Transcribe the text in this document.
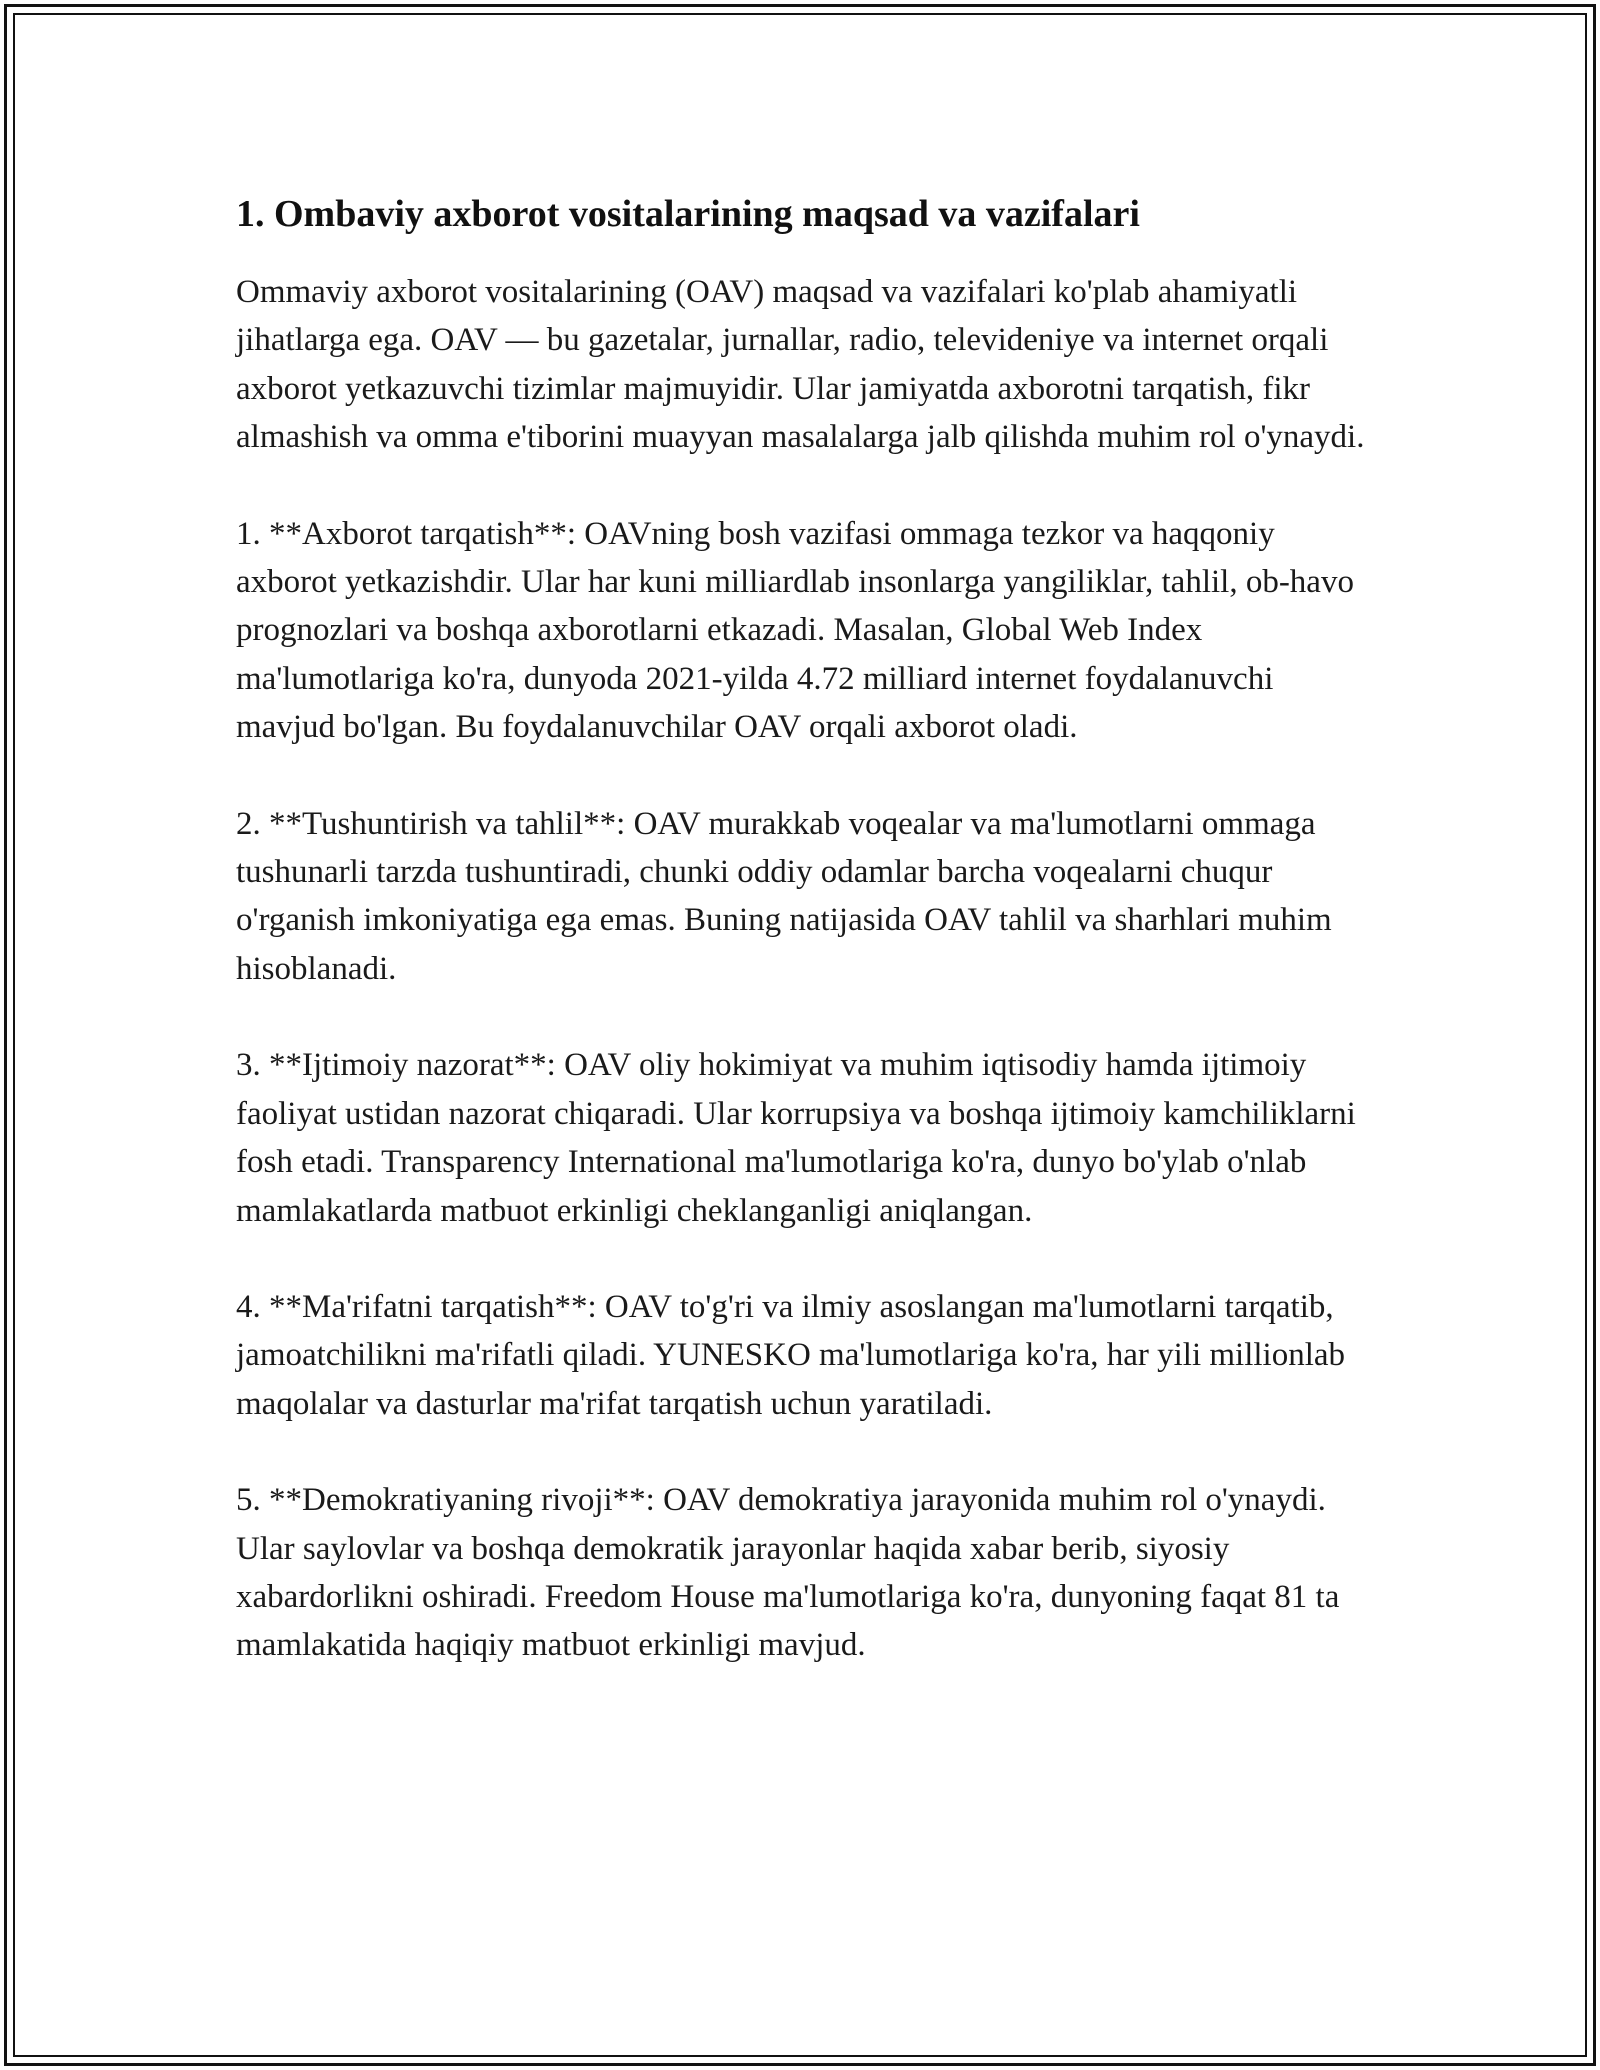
1. Ombaviy axborot vositalarining maqsad va vazifalari

Ommaviy axborot vositalarining (OAV) maqsad va vazifalari ko'plab ahamiyatli jihatlarga ega. OAV — bu gazetalar, jurnallar, radio, televideniye va internet orqali axborot yetkazuvchi tizimlar majmuyidir. Ular jamiyatda axborotni tarqatish, fikr almashish va omma e'tiborini muayyan masalalarga jalb qilishda muhim rol o'ynaydi.

1. **Axborot tarqatish**: OAVning bosh vazifasi ommaga tezkor va haqqoniy axborot yetkazishdir. Ular har kuni milliardlab insonlarga yangiliklar, tahlil, ob-havo prognozlari va boshqa axborotlarni etkazadi. Masalan, Global Web Index ma'lumotlariga ko'ra, dunyoda 2021-yilda 4.72 milliard internet foydalanuvchi mavjud bo'lgan. Bu foydalanuvchilar OAV orqali axborot oladi.

2. **Tushuntirish va tahlil**: OAV murakkab voqealar va ma'lumotlarni ommaga tushunarli tarzda tushuntiradi, chunki oddiy odamlar barcha voqealarni chuqur o'rganish imkoniyatiga ega emas. Buning natijasida OAV tahlil va sharhlari muhim hisoblanadi.

3. **Ijtimoiy nazorat**: OAV oliy hokimiyat va muhim iqtisodiy hamda ijtimoiy faoliyat ustidan nazorat chiqaradi. Ular korrupsiya va boshqa ijtimoiy kamchiliklarni fosh etadi. Transparency International ma'lumotlariga ko'ra, dunyo bo'ylab o'nlab mamlakatlarda matbuot erkinligi cheklanganligi aniqlangan.

4. **Ma'rifatni tarqatish**: OAV to'g'ri va ilmiy asoslangan ma'lumotlarni tarqatib, jamoatchilikni ma'rifatli qiladi. YUNESKO ma'lumotlariga ko'ra, har yili millionlab maqolalar va dasturlar ma'rifat tarqatish uchun yaratiladi.

5. **Demokratiyaning rivoji**: OAV demokratiya jarayonida muhim rol o'ynaydi. Ular saylovlar va boshqa demokratik jarayonlar haqida xabar berib, siyosiy xabardorlikni oshiradi. Freedom House ma'lumotlariga ko'ra, dunyoning faqat 81 ta mamlakatida haqiqiy matbuot erkinligi mavjud.
